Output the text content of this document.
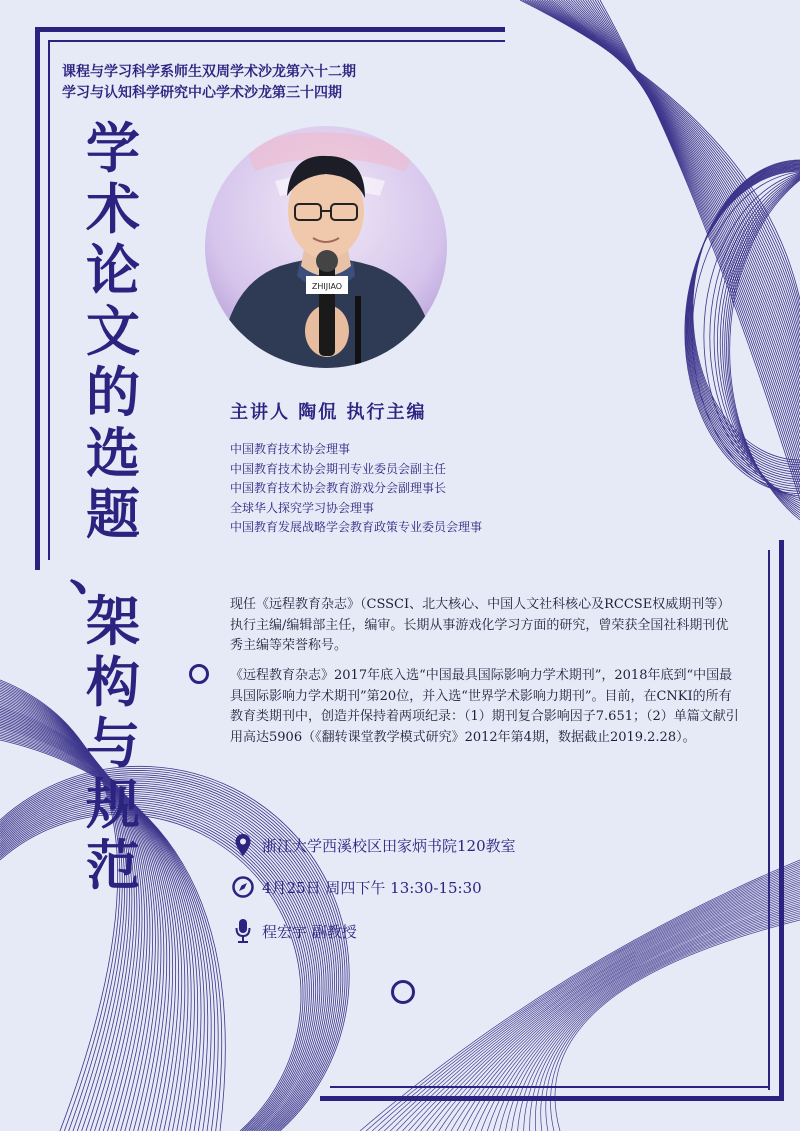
课程与学习科学系师生双周学术沙龙第六十二期
学习与认知科学研究中心学术沙龙第三十四期
学
术
论
文
的
选
题
、
架
构
与
规
范
ZHIJIAO
主讲人 陶侃 执行主编
中国教育技术协会理事
中国教育技术协会期刊专业委员会副主任
中国教育技术协会教育游戏分会副理事长
全球华人探究学习协会理事
中国教育发展战略学会教育政策专业委员会理事
现任《远程教育杂志》（CSSCI、北大核心、中国人文社科核心及RCCSE权威期刊等）执行主编/编辑部主任，编审。长期从事游戏化学习方面的研究，曾荣获全国社科期刊优秀主编等荣誉称号。
《远程教育杂志》2017年底入选“中国最具国际影响力学术期刊”，2018年底到“中国最具国际影响力学术期刊”第20位，并入选“世界学术影响力期刊”。目前，在CNKI的所有教育类期刊中，创造并保持着两项纪录：（1）期刊复合影响因子7.651；（2）单篇文献引用高达5906（《翻转课堂教学模式研究》2012年第4期，数据截止2019.2.28）。
浙江大学西溪校区田家炳书院120教室
4月25日 周四下午 13:30-15:30
程宏宇 副教授
